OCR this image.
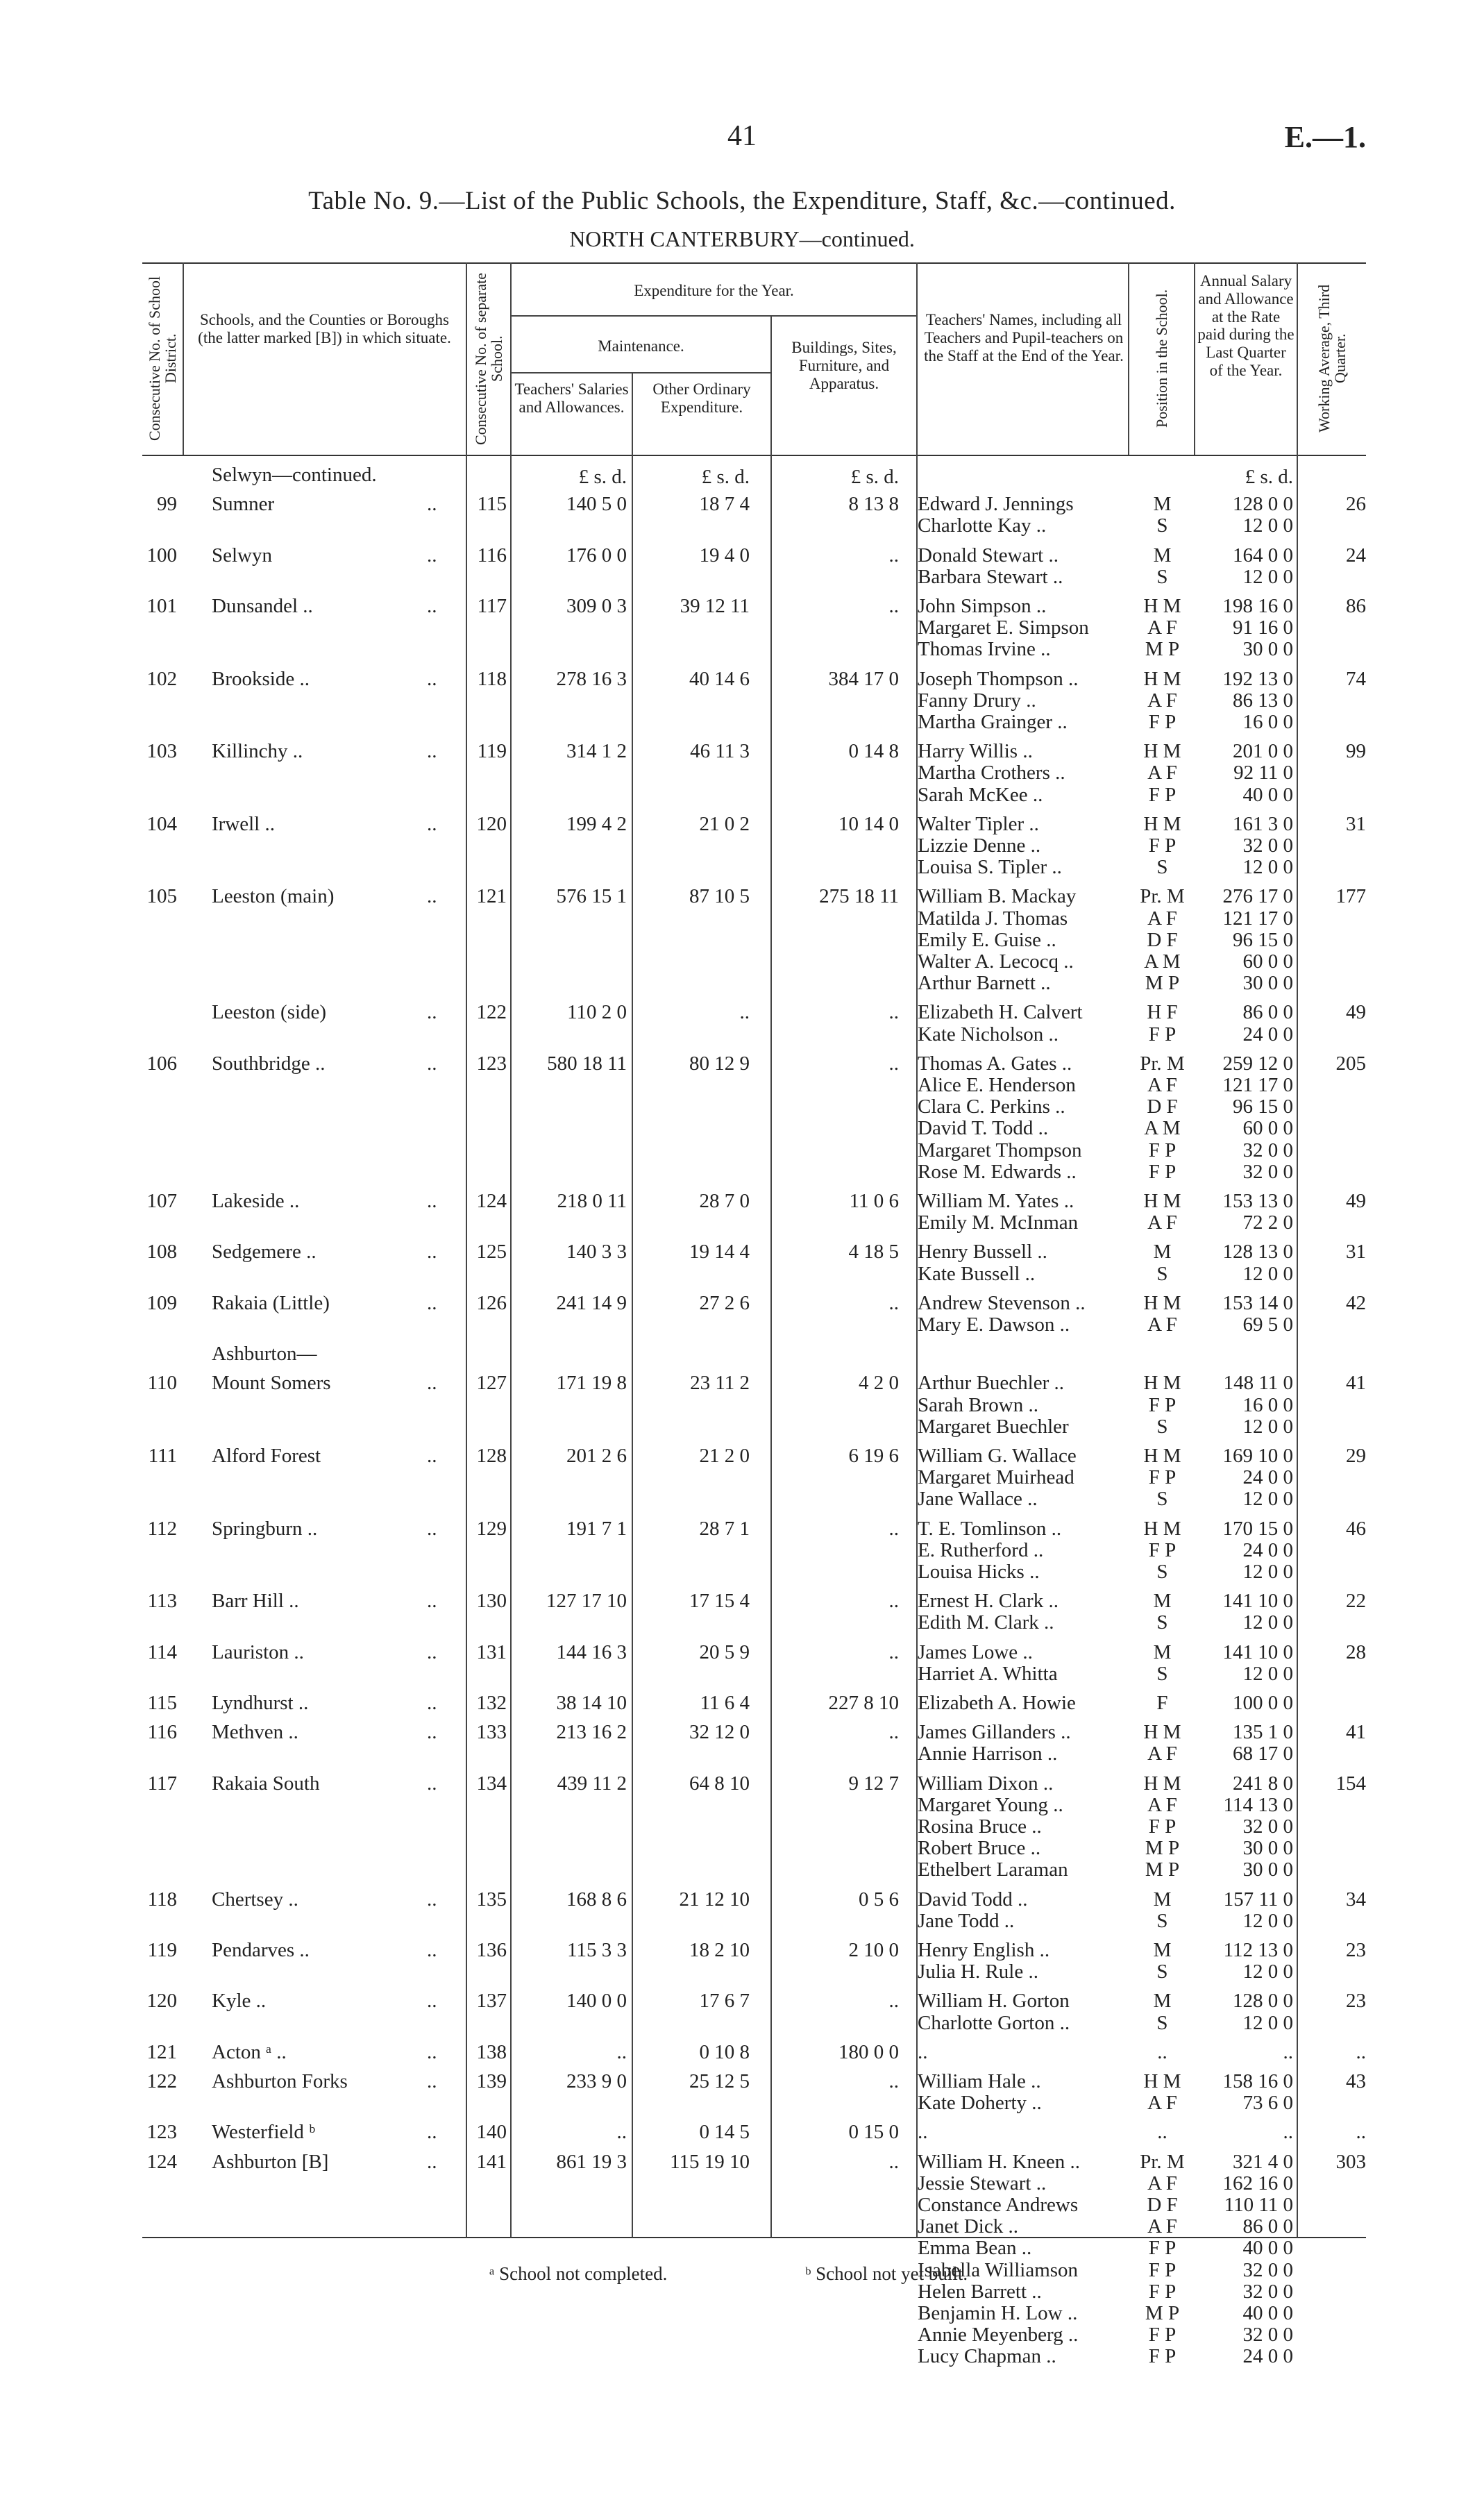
41	E.—1.
Table No. 9.—List of the Public Schools, the Expenditure, Staff, &c.—continued.
NORTH CANTERBURY—continued.
Consecutive No. of School District.
Schools, and the Counties or Boroughs (the latter marked [B]) in which situate.	Consecutive No. of separate School.
Expenditure for the Year.
Maintenance.
Teachers' Salaries and Allowances.
Other Ordinary Expenditure.
Buildings, Sites, Furniture, and Apparatus.
Teachers' Names, including all Teachers and Pupil-teachers on the Staff at the End of the Year.	Position in the School.
Annual Salary and Allowance at the Rate paid during the Last Quarter of the Year.	Working Average, Third Quarter.
£ s. d.	£ s. d.	£ s. d.	£ s. d.
Selwyn—continued.
99 Sumner	..	115	140 5 0	18 7 4	8 13 8 Edward J. Jennings	M	128 0 0	26
Charlotte Kay ..	S	12 0 0
100 Selwyn	..	116	176 0 0	19 4 0	.. Donald Stewart ..	M	164 0 0	24
Barbara Stewart ..	S	12 0 0
101 Dunsandel ..	..	117	309 0 3	39 12 11	.. John Simpson ..	H M	198 16 0	86
Margaret E. Simpson	A F	91 16 0
Thomas Irvine ..	M P	30 0 0
102 Brookside ..	..	118	278 16 3	40 14 6	384 17 0 Joseph Thompson ..	H M	192 13 0	74
Fanny Drury ..	A F	86 13 0
Martha Grainger ..	F P	16 0 0
103 Killinchy ..	..	119	314 1 2	46 11 3	0 14 8 Harry Willis ..	H M	201 0 0	99
Martha Crothers ..	A F	92 11 0
Sarah McKee ..	F P	40 0 0
104 Irwell ..	..	120	199 4 2	21 0 2	10 14 0 Walter Tipler ..	H M	161 3 0	31
Lizzie Denne ..	F P	32 0 0
Louisa S. Tipler ..	S	12 0 0
105 Leeston (main)	..	121	576 15 1	87 10 5	275 18 11 William B. Mackay	Pr. M	276 17 0	177
Matilda J. Thomas	A F	121 17 0
Emily E. Guise ..	D F	96 15 0
Walter A. Lecocq ..	A M	60 0 0
Arthur Barnett ..	M P	30 0 0
Leeston (side)	..	122	110 2 0	..	.. Elizabeth H. Calvert	H F	86 0 0	49
Kate Nicholson ..	F P	24 0 0
106 Southbridge ..	..	123	580 18 11	80 12 9	.. Thomas A. Gates ..	Pr. M	259 12 0	205
Alice E. Henderson	A F	121 17 0
Clara C. Perkins ..	D F	96 15 0
David T. Todd ..	A M	60 0 0
Margaret Thompson	F P	32 0 0
Rose M. Edwards ..	F P	32 0 0
107 Lakeside ..	..	124	218 0 11	28 7 0	11 0 6 William M. Yates ..	H M	153 13 0	49
Emily M. McInman	A F	72 2 0
108 Sedgemere ..	..	125	140 3 3	19 14 4	4 18 5 Henry Bussell ..	M	128 13 0	31
Kate Bussell ..	S	12 0 0
109 Rakaia (Little)	..	126	241 14 9	27 2 6	.. Andrew Stevenson ..	H M	153 14 0	42
Mary E. Dawson ..	A F	69 5 0
Ashburton—
110 Mount Somers	..	127	171 19 8	23 11 2	4 2 0 Arthur Buechler ..	H M	148 11 0	41
Sarah Brown ..	F P	16 0 0
Margaret Buechler	S	12 0 0
111 Alford Forest	..	128	201 2 6	21 2 0	6 19 6 William G. Wallace	H M	169 10 0	29
Margaret Muirhead	F P	24 0 0
Jane Wallace ..	S	12 0 0
112 Springburn ..	..	129	191 7 1	28 7 1	.. T. E. Tomlinson ..	H M	170 15 0	46
E. Rutherford ..	F P	24 0 0
Louisa Hicks ..	S	12 0 0
113 Barr Hill ..	..	130	127 17 10	17 15 4	.. Ernest H. Clark ..	M	141 10 0	22
Edith M. Clark ..	S	12 0 0
114 Lauriston ..	..	131	144 16 3	20 5 9	.. James Lowe ..	M	141 10 0	28
Harriet A. Whitta	S	12 0 0
115 Lyndhurst ..	..	132	38 14 10	11 6 4	227 8 10 Elizabeth A. Howie	F	100 0 0
116 Methven ..	..	133	213 16 2	32 12 0	.. James Gillanders ..	H M	135 1 0	41
Annie Harrison ..	A F	68 17 0
117 Rakaia South	..	134	439 11 2	64 8 10	9 12 7 William Dixon ..	H M	241 8 0	154
Margaret Young ..	A F	114 13 0
Rosina Bruce ..	F P	32 0 0
Robert Bruce ..	M P	30 0 0
Ethelbert Laraman	M P	30 0 0
118 Chertsey ..	..	135	168 8 6	21 12 10	0 5 6 David Todd ..	M	157 11 0	34
Jane Todd ..	S	12 0 0
119 Pendarves ..	..	136	115 3 3	18 2 10	2 10 0 Henry English ..	M	112 13 0	23
Julia H. Rule ..	S	12 0 0
120 Kyle ..	..	137	140 0 0	17 6 7	.. William H. Gorton	M	128 0 0	23
Charlotte Gorton ..	S	12 0 0
121 Acton ᵃ ..	..	138	..	0 10 8	180 0 0 ..	..	..	..
122 Ashburton Forks	..	139	233 9 0	25 12 5	.. William Hale ..	H M	158 16 0	43
Kate Doherty ..	A F	73 6 0
123 Westerfield ᵇ	..	140	..	0 14 5	0 15 0 ..	..	..	..
124 Ashburton [B]	..	141	861 19 3	115 19 10	.. William H. Kneen ..	Pr. M	321 4 0	303
Jessie Stewart ..	A F	162 16 0
Constance Andrews	D F	110 11 0
Janet Dick ..	A F	86 0 0
Emma Bean ..	F P	40 0 0
Isabella Williamson	F P	32 0 0
Helen Barrett ..	F P	32 0 0
Benjamin H. Low ..	M P	40 0 0
Annie Meyenberg ..	F P	32 0 0
Lucy Chapman ..	F P	24 0 0
ᵃ School not completed.	ᵇ School not yet built.
